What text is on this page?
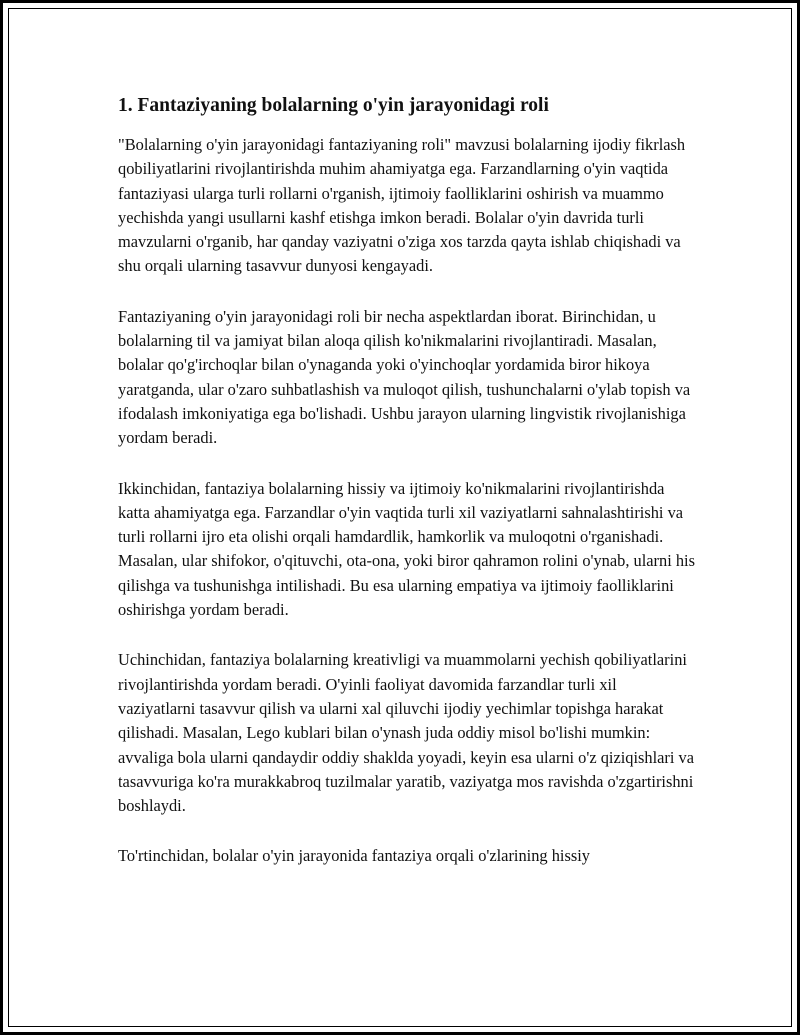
1. Fantaziyaning bolalarning o'yin jarayonidagi roli

"Bolalarning o'yin jarayonidagi fantaziyaning roli" mavzusi bolalarning ijodiy fikrlash qobiliyatlarini rivojlantirishda muhim ahamiyatga ega. Farzandlarning o'yin vaqtida fantaziyasi ularga turli rollarni o'rganish, ijtimoiy faolliklarini oshirish va muammo yechishda yangi usullarni kashf etishga imkon beradi. Bolalar o'yin davrida turli mavzularni o'rganib, har qanday vaziyatni o'ziga xos tarzda qayta ishlab chiqishadi va shu orqali ularning tasavvur dunyosi kengayadi.

Fantaziyaning o'yin jarayonidagi roli bir necha aspektlardan iborat. Birinchidan, u bolalarning til va jamiyat bilan aloqa qilish ko'nikmalarini rivojlantiradi. Masalan, bolalar qo'g'irchoqlar bilan o'ynaganda yoki o'yinchoqlar yordamida biror hikoya yaratganda, ular o'zaro suhbatlashish va muloqot qilish, tushunchalarni o'ylab topish va ifodalash imkoniyatiga ega bo'lishadi. Ushbu jarayon ularning lingvistik rivojlanishiga yordam beradi.

Ikkinchidan, fantaziya bolalarning hissiy va ijtimoiy ko'nikmalarini rivojlantirishda katta ahamiyatga ega. Farzandlar o'yin vaqtida turli xil vaziyatlarni sahnalashtirishi va turli rollarni ijro eta olishi orqali hamdardlik, hamkorlik va muloqotni o'rganishadi. Masalan, ular shifokor, o'qituvchi, ota-ona, yoki biror qahramon rolini o'ynab, ularni his qilishga va tushunishga intilishadi. Bu esa ularning empatiya va ijtimoiy faolliklarini oshirishga yordam beradi.

Uchinchidan, fantaziya bolalarning kreativligi va muammolarni yechish qobiliyatlarini rivojlantirishda yordam beradi. O'yinli faoliyat davomida farzandlar turli xil vaziyatlarni tasavvur qilish va ularni xal qiluvchi ijodiy yechimlar topishga harakat qilishadi. Masalan, Lego kublari bilan o'ynash juda oddiy misol bo'lishi mumkin: avvaliga bola ularni qandaydir oddiy shaklda yoyadi, keyin esa ularni o'z qiziqishlari va tasavvuriga ko'ra murakkabroq tuzilmalar yaratib, vaziyatga mos ravishda o'zgartirishni boshlaydi.

To'rtinchidan, bolalar o'yin jarayonida fantaziya orqali o'zlarining hissiy
